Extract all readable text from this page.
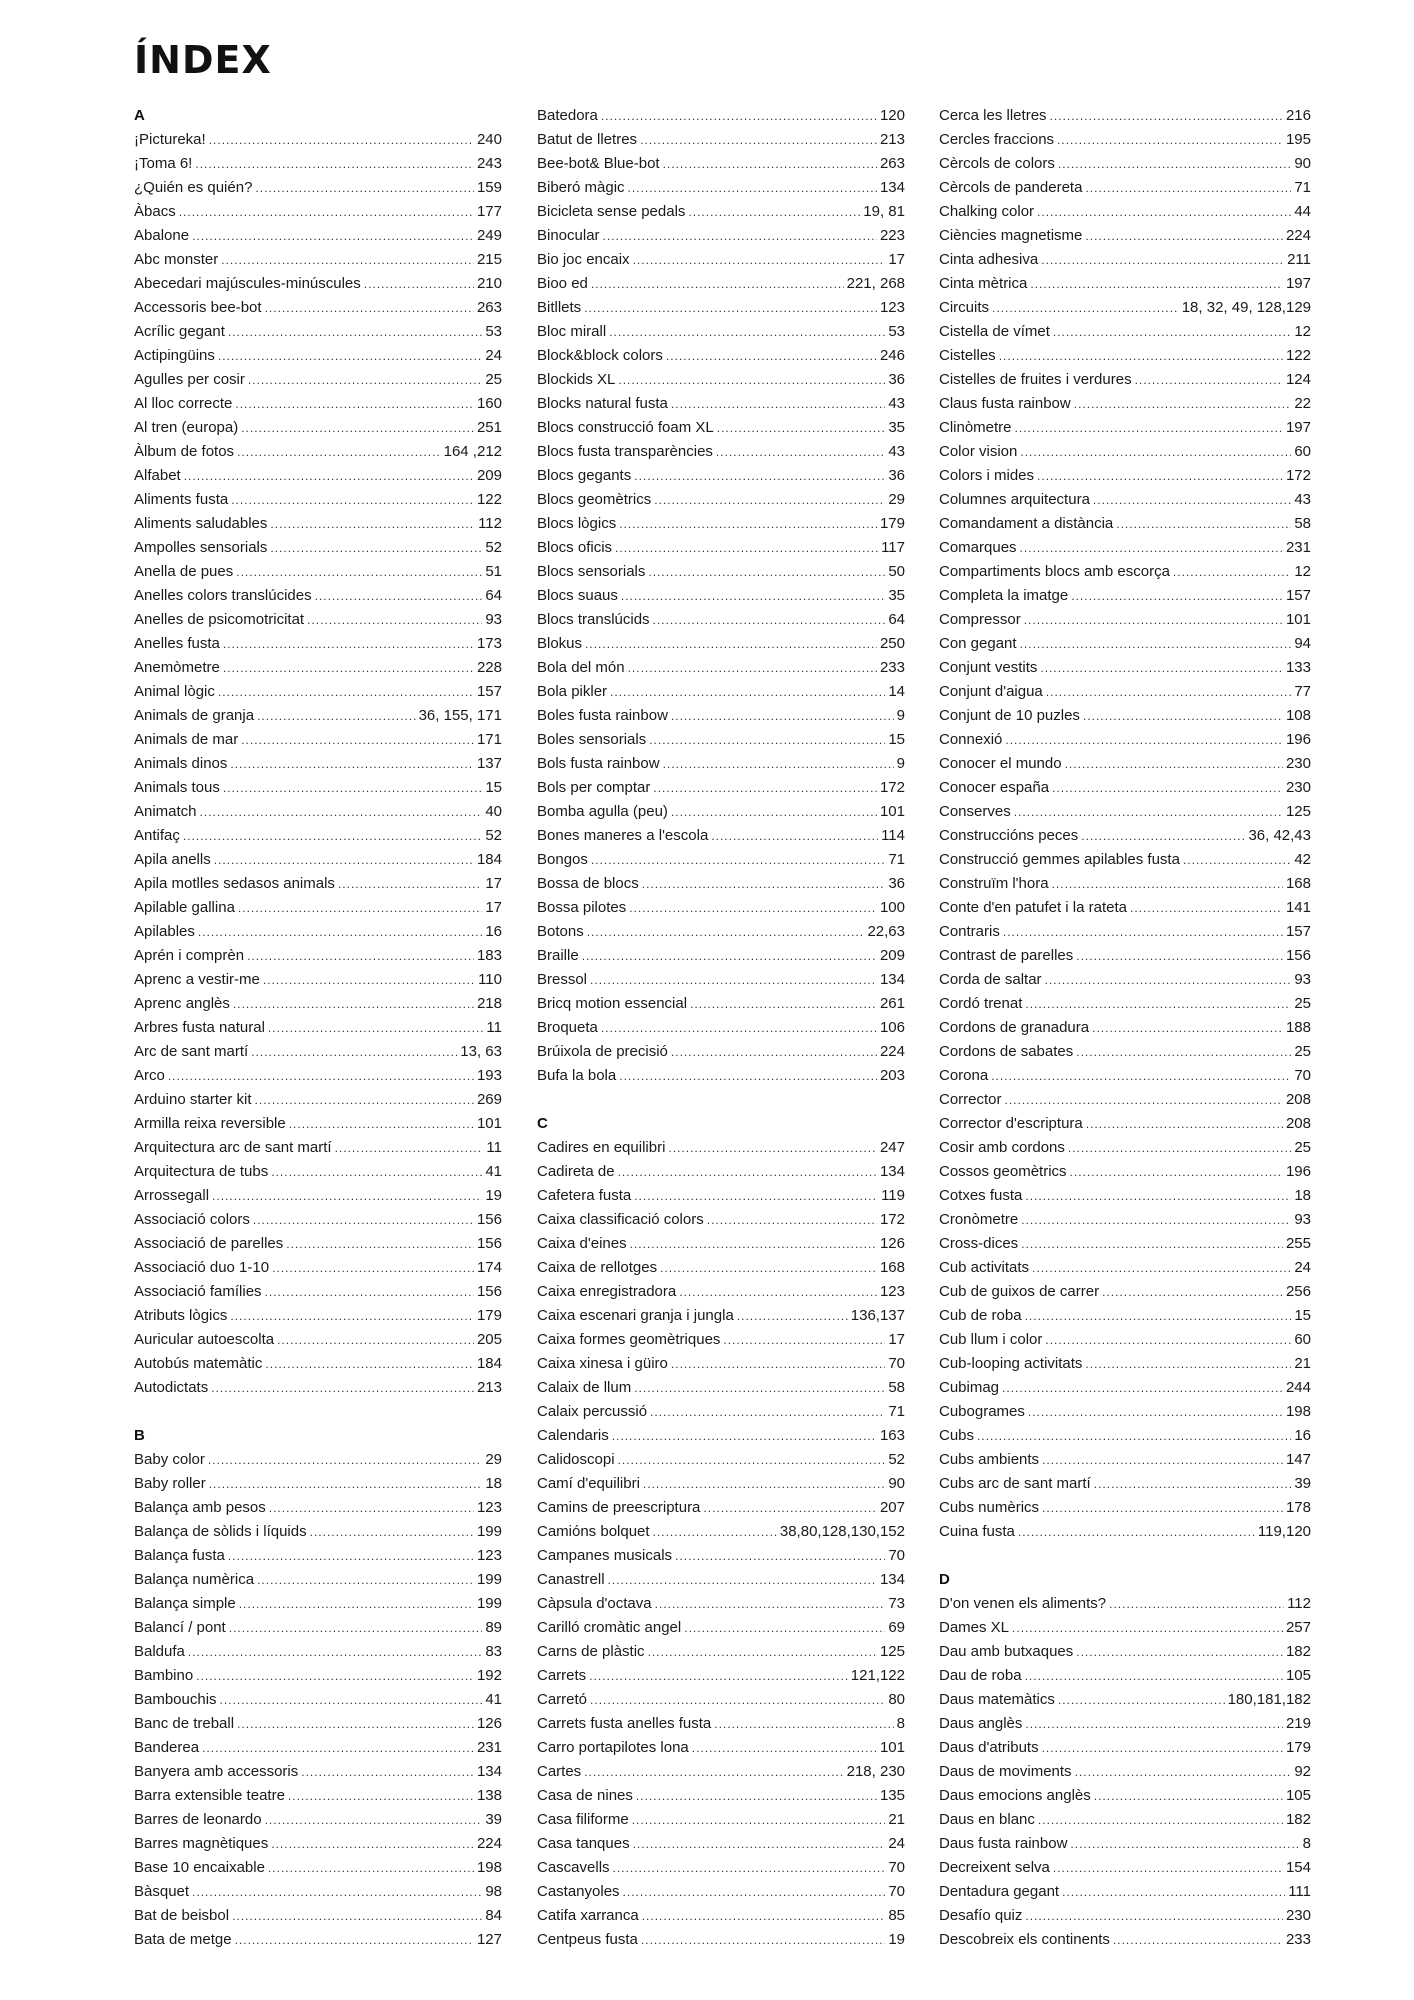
ÍNDEX
A
¡Pictureka! .....	240
¡Toma 6! .....	243
¿Quién es quién? .....	159
Àbacs .....	177
Abalone .....	249
Abc monster .....	215
Abecedari majúscules-minúscules .....	210
Accessoris bee-bot .....	263
Acrílic gegant .....	53
Actipingüins .....	24
Agulles per cosir .....	25
Al lloc correcte .....	160
Al tren (europa) .....	251
Àlbum de fotos .....	164 ,212
Alfabet .....	209
Aliments fusta .....	122
Aliments saludables .....	112
Ampolles sensorials .....	52
Anella de pues .....	51
Anelles colors translúcides .....	64
Anelles de psicomotricitat .....	93
Anelles fusta .....	173
Anemòmetre .....	228
Animal lògic .....	157
Animals de granja .....	36, 155, 171
Animals de mar .....	171
Animals dinos .....	137
Animals tous .....	15
Animatch .....	40
Antifaç .....	52
Apila anells .....	184
Apila motlles sedasos animals .....	17
Apilable gallina .....	17
Apilables .....	16
Aprén i comprèn .....	183
Aprenc a vestir-me .....	110
Aprenc anglès .....	218
Arbres fusta natural .....	11
Arc de sant martí .....	13, 63
Arco .....	193
Arduino starter kit .....	269
Armilla reixa reversible .....	101
Arquitectura arc de sant martí .....	11
Arquitectura de tubs .....	41
Arrossegall .....	19
Associació colors .....	156
Associació de parelles .....	156
Associació duo 1-10 .....	174
Associació famílies .....	156
Atributs lògics .....	179
Auricular autoescolta .....	205
Autobús matemàtic .....	184
Autodictats .....	213
B
Baby color .....	29
Baby roller .....	18
Balança amb pesos .....	123
Balança de sòlids i líquids .....	199
Balança fusta .....	123
Balança numèrica .....	199
Balança simple .....	199
Balancí / pont .....	89
Baldufa .....	83
Bambino .....	192
Bambouchis .....	41
Banc de treball .....	126
Banderea .....	231
Banyera amb accessoris .....	134
Barra extensible teatre .....	138
Barres de leonardo .....	39
Barres magnètiques .....	224
Base 10 encaixable .....	198
Bàsquet .....	98
Bat de beisbol .....	84
Bata de metge .....	127
Batedora .....	120
Batut de lletres .....	213
Bee-bot& Blue-bot .....	263
Biberó màgic .....	134
Bicicleta sense pedals .....	19, 81
Binocular .....	223
Bio joc encaix .....	17
Bioo ed .....	221, 268
Bitllets .....	123
Bloc mirall .....	53
Block&block colors .....	246
Blockids XL .....	36
Blocks natural fusta .....	43
Blocs construcció foam XL .....	35
Blocs fusta transparències .....	43
Blocs gegants .....	36
Blocs geomètrics .....	29
Blocs lògics .....	179
Blocs oficis .....	117
Blocs sensorials .....	50
Blocs suaus .....	35
Blocs translúcids .....	64
Blokus .....	250
Bola del món .....	233
Bola pikler .....	14
Boles fusta rainbow .....	9
Boles sensorials .....	15
Bols fusta rainbow .....	9
Bols per comptar .....	172
Bomba agulla (peu) .....	101
Bones maneres a l'escola .....	114
Bongos .....	71
Bossa de blocs .....	36
Bossa pilotes .....	100
Botons .....	22,63
Braille .....	209
Bressol .....	134
Bricq motion essencial .....	261
Broqueta .....	106
Brúixola de precisió .....	224
Bufa la bola .....	203
C
Cadires en equilibri .....	247
Cadireta de .....	134
Cafetera fusta .....	119
Caixa classificació colors .....	172
Caixa d'eines .....	126
Caixa de rellotges .....	168
Caixa enregistradora .....	123
Caixa escenari granja i jungla .....	136,137
Caixa formes geomètriques .....	17
Caixa xinesa i güiro .....	70
Calaix de llum .....	58
Calaix percussió .....	71
Calendaris .....	163
Calidoscopi .....	52
Camí d'equilibri .....	90
Camins de preescriptura .....	207
Camións bolquet .....	38,80,128,130,152
Campanes musicals .....	70
Canastrell .....	134
Càpsula d'octava .....	73
Carilló cromàtic angel .....	69
Carns de plàstic .....	125
Carrets .....	121,122
Carretó .....	80
Carrets fusta anelles fusta .....	8
Carro portapilotes lona .....	101
Cartes .....	218, 230
Casa de nines .....	135
Casa filiforme .....	21
Casa tanques .....	24
Cascavells .....	70
Castanyoles .....	70
Catifa xarranca .....	85
Centpeus fusta .....	19
Cerca les lletres .....	216
Cercles fraccions .....	195
Cèrcols de colors .....	90
Cèrcols de pandereta .....	71
Chalking color .....	44
Ciències magnetisme .....	224
Cinta adhesiva .....	211
Cinta mètrica .....	197
Circuits .....	18, 32, 49, 128,129
Cistella de vímet .....	12
Cistelles .....	122
Cistelles de fruites i verdures .....	124
Claus fusta rainbow .....	22
Clinòmetre .....	197
Color vision .....	60
Colors i mides .....	172
Columnes arquitectura .....	43
Comandament a distància .....	58
Comarques .....	231
Compartiments blocs amb escorça .....	12
Completa la imatge .....	157
Compressor .....	101
Con gegant .....	94
Conjunt vestits .....	133
Conjunt d'aigua .....	77
Conjunt de 10 puzles .....	108
Connexió .....	196
Conocer el mundo .....	230
Conocer españa .....	230
Conserves .....	125
Construccións peces .....	36, 42,43
Construcció gemmes apilables fusta .....	42
Construïm l'hora .....	168
Conte d'en patufet i la rateta .....	141
Contraris .....	157
Contrast de parelles .....	156
Corda de saltar .....	93
Cordó trenat .....	25
Cordons de granadura .....	188
Cordons de sabates .....	25
Corona .....	70
Corrector .....	208
Corrector d'escriptura .....	208
Cosir amb cordons .....	25
Cossos geomètrics .....	196
Cotxes fusta .....	18
Cronòmetre .....	93
Cross-dices .....	255
Cub activitats .....	24
Cub de guixos de carrer .....	256
Cub de roba .....	15
Cub llum i color .....	60
Cub-looping activitats .....	21
Cubimag .....	244
Cubogrames .....	198
Cubs .....	16
Cubs ambients .....	147
Cubs arc de sant martí .....	39
Cubs numèrics .....	178
Cuina fusta .....	119,120
D
D'on venen els aliments? .....	112
Dames XL .....	257
Dau amb butxaques .....	182
Dau de roba .....	105
Daus matemàtics .....	180,181,182
Daus anglès .....	219
Daus d'atributs .....	179
Daus de moviments .....	92
Daus emocions anglès .....	105
Daus en blanc .....	182
Daus fusta rainbow .....	8
Decreixent selva .....	154
Dentadura gegant .....	111
Desafío quiz .....	230
Descobreix els continents .....	233
